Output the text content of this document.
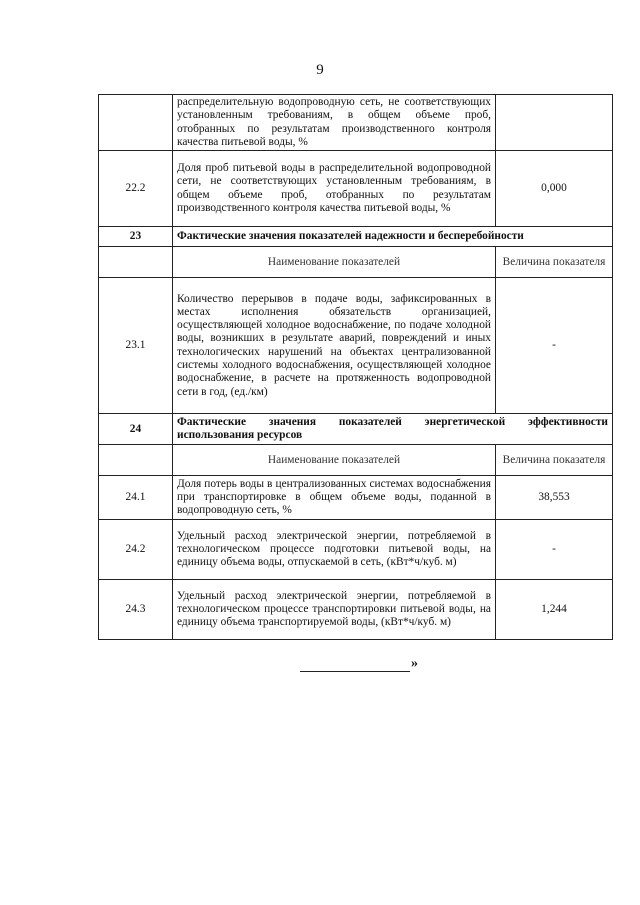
9
	распределительную водопроводную сеть, не соответствующих установленным требованиям, в общем объеме проб, отобранных по результатам производственного контроля качества питьевой воды, %	
22.2	Доля проб питьевой воды в распределительной водопроводной сети, не соответствующих установленным требованиям, в общем объеме проб, отобранных по результатам производственного контроля качества питьевой воды, %	0,000
23	Фактические значения показателей надежности и бесперебойности	
	Наименование показателей	Величина показателя
23.1	Количество перерывов в подаче воды, зафиксированных в местах исполнения обязательств организацией, осуществляющей холодное водоснабжение, по подаче холодной воды, возникших в результате аварий, повреждений и иных технологических нарушений на объектах централизованной системы холодного водоснабжения, осуществляющей холодное водоснабжение, в расчете на протяженность водопроводной сети в год, (ед./км)	-
24	Фактические значения показателей энергетической эффективности использования ресурсов	
	Наименование показателей	Величина показателя
24.1	Доля потерь воды в централизованных системах водоснабжения при транспортировке в общем объеме воды, поданной в водопроводную сеть, %	38,553
24.2	Удельный расход электрической энергии, потребляемой в технологическом процессе подготовки питьевой воды, на единицу объема воды, отпускаемой в сеть, (кВт*ч/куб. м)	-
24.3	Удельный расход электрической энергии, потребляемой в технологическом процессе транспортировки питьевой воды, на единицу объема транспортируемой воды, (кВт*ч/куб. м)	1,244
»
